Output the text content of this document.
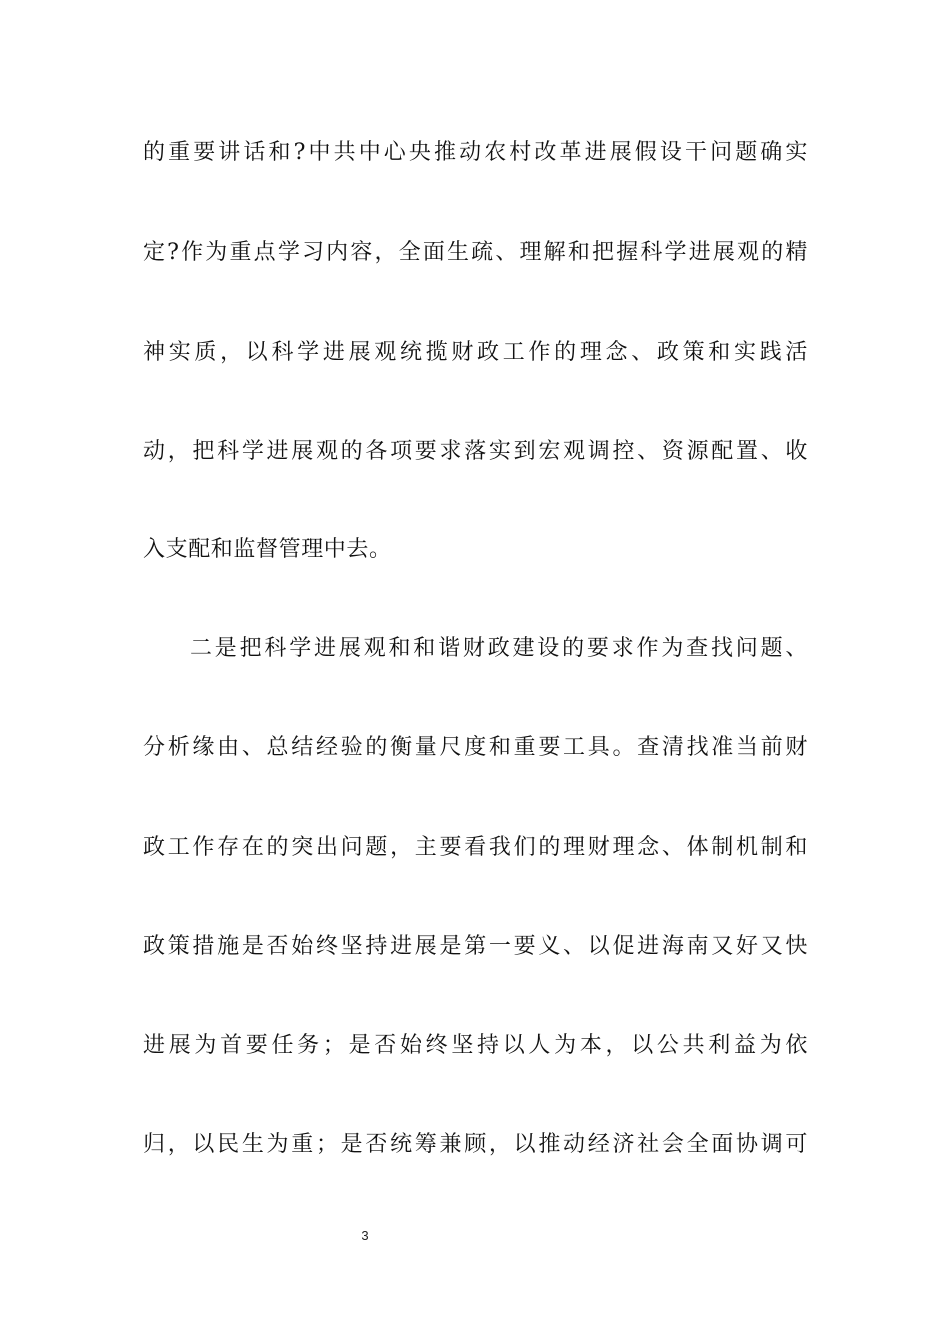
的重要讲话和?中共中心央推动农村改革进展假设干问题确实
定?作为重点学习内容，全面生疏、理解和把握科学进展观的精
神实质，以科学进展观统揽财政工作的理念、政策和实践活
动，把科学进展观的各项要求落实到宏观调控、资源配置、收
入支配和监督管理中去。
二是把科学进展观和和谐财政建设的要求作为查找问题、
分析缘由、总结经验的衡量尺度和重要工具。查清找准当前财
政工作存在的突出问题，主要看我们的理财理念、体制机制和
政策措施是否始终坚持进展是第一要义、以促进海南又好又快
进展为首要任务；是否始终坚持以人为本，以公共利益为依
归，以民生为重；是否统筹兼顾，以推动经济社会全面协调可
3
